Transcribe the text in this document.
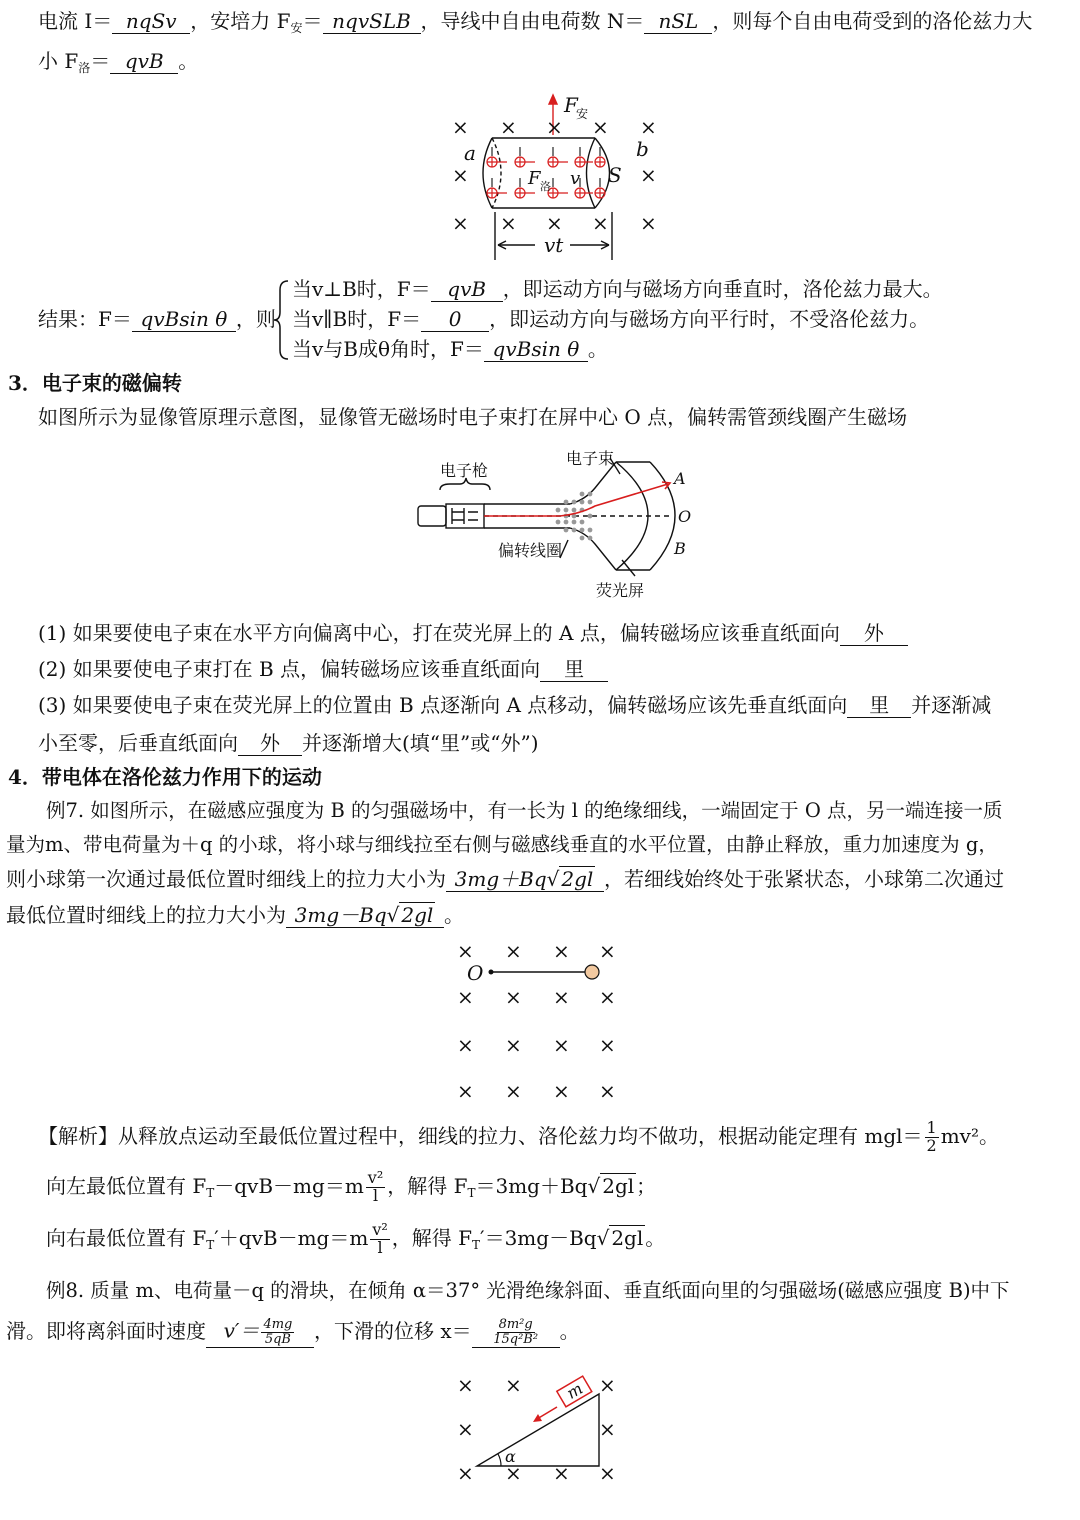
电流 I＝ nqSv ，安培力 $F_安=$ nqvSLB ，导线中自由电荷数 N＝ nSL ，则每个自由电荷受到的洛伦兹力大
小 $F_洛=$ qvB 。
× × × × ×
×	×
× × × × ×
a	b
S
F
安
F 洛 v
vt
结果：F＝ qvBsin θ ，则
当v⊥B时，F＝ qvB ，即运动方向与磁场方向垂直时，洛伦兹力最大。
当v∥B时，F＝ 0 ，即运动方向与磁场方向平行时，不受洛伦兹力。
当v与B成θ角时，F＝ qvBsin θ 。
3．电子束的磁偏转
如图所示为显像管原理示意图，显像管无磁场时电子束打在屏中心 O 点，偏转需管颈线圈产生磁场
电子枪
电子束
偏转线圈
荧光屏
A
O
B
(1) 如果要使电子束在水平方向偏离中心，打在荧光屏上的 A 点，偏转磁场应该垂直纸面向 外
(2) 如果要使电子束打在 B 点，偏转磁场应该垂直纸面向 里
(3) 如果要使电子束在荧光屏上的位置由 B 点逐渐向 A 点移动，偏转磁场应该先垂直纸面向 里 并逐渐减
小至零，后垂直纸面向 外 并逐渐增大(填“里”或“外”)
4．带电体在洛伦兹力作用下的运动
例7. 如图所示，在磁感应强度为 B 的匀强磁场中，有一长为 l 的绝缘细线，一端固定于 O 点，另一端连接一质
量为m、带电荷量为＋q 的小球，将小球与细线拉至右侧与磁感线垂直的水平位置，由静止释放，重力加速度为 g，
则小球第一次通过最低位置时细线上的拉力大小为 3mg＋Bq√ 2gl ，若细线始终处于张紧状态，小球第二次通过
最低位置时细线上的拉力大小为 3mg－Bq√ 2gl 。
× × × ×
× × × ×
× × × ×
× × × ×
O
【解析】从释放点运动至最低位置过程中，细线的拉力、洛伦兹力均不做功，根据动能定理有 $mgl= \frac{1}{2} mv^2$。
向左最低位置有 $F_T-qvB-mg=m \frac{\text{v²}}{l}$ ，解得 $F_T=3mg+Bq√$ 2gl ；
向右最低位置有 $F_T'+qvB-mg=m \frac{\text{v²}}{l}$ ，解得 $F_T'=3mg-Bq√$ 2gl 。
例8. 质量 m、电荷量－q 的滑块，在倾角 α＝37° 光滑绝缘斜面、垂直纸面向里的匀强磁场(磁感应强度 B)中下
滑。即将离斜面时速度 $v'= \frac{4mg}{5qB}$ ，下滑的位移 $x= \frac{\text{8m²g}}{\text{15q²B²}}$ 。
× ×	×
×	×
× × × ×
m
α
